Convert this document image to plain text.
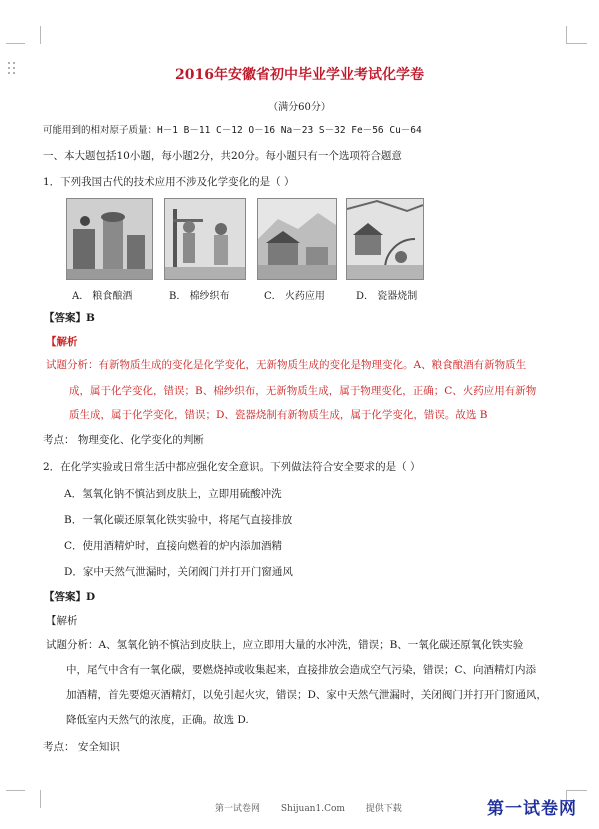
2016年安徽省初中毕业学业考试化学卷
（满分60分）
可能用到的相对原子质量：H－1 B－11 C－12 O－16 Na－23 S－32 Fe－56 Cu－64
一、本大题包括10小题，每小题2分，共20分。每小题只有一个选项符合题意
1．下列我国古代的技术应用不涉及化学变化的是（ ）
A． 粮食酿酒	B． 棉纱织布	C． 火药应用	D． 瓷器烧制
【答案】B
【解析
试题分析：有新物质生成的变化是化学变化，无新物质生成的变化是物理变化。A、粮食酿酒有新物质生
成，属于化学变化，错误；B、棉纱织布，无新物质生成，属于物理变化，正确；C、火药应用有新物
质生成，属于化学变化，错误；D、瓷器烧制有新物质生成，属于化学变化，错误。故选 B
考点： 物理变化、化学变化的判断
2．在化学实验或日常生活中都应强化安全意识。下列做法符合安全要求的是（ ）
A．氢氧化钠不慎沾到皮肤上，立即用硫酸冲洗
B．一氧化碳还原氧化铁实验中，将尾气直接排放
C．使用酒精炉时，直接向燃着的炉内添加酒精
D．家中天然气泄漏时，关闭阀门并打开门窗通风
【答案】D
【解析
试题分析：A、氢氧化钠不慎沾到皮肤上，应立即用大量的水冲洗，错误；B、一氧化碳还原氧化铁实验
中，尾气中含有一氧化碳，要燃烧掉或收集起来，直接排放会造成空气污染，错误；C、向酒精灯内添
加酒精，首先要熄灭酒精灯，以免引起火灾，错误；D、家中天然气泄漏时，关闭阀门并打开门窗通风，
降低室内天然气的浓度，正确。故选 D.
考点： 安全知识
第一试卷网 Shijuan1.Com 提供下载	第一试卷网
